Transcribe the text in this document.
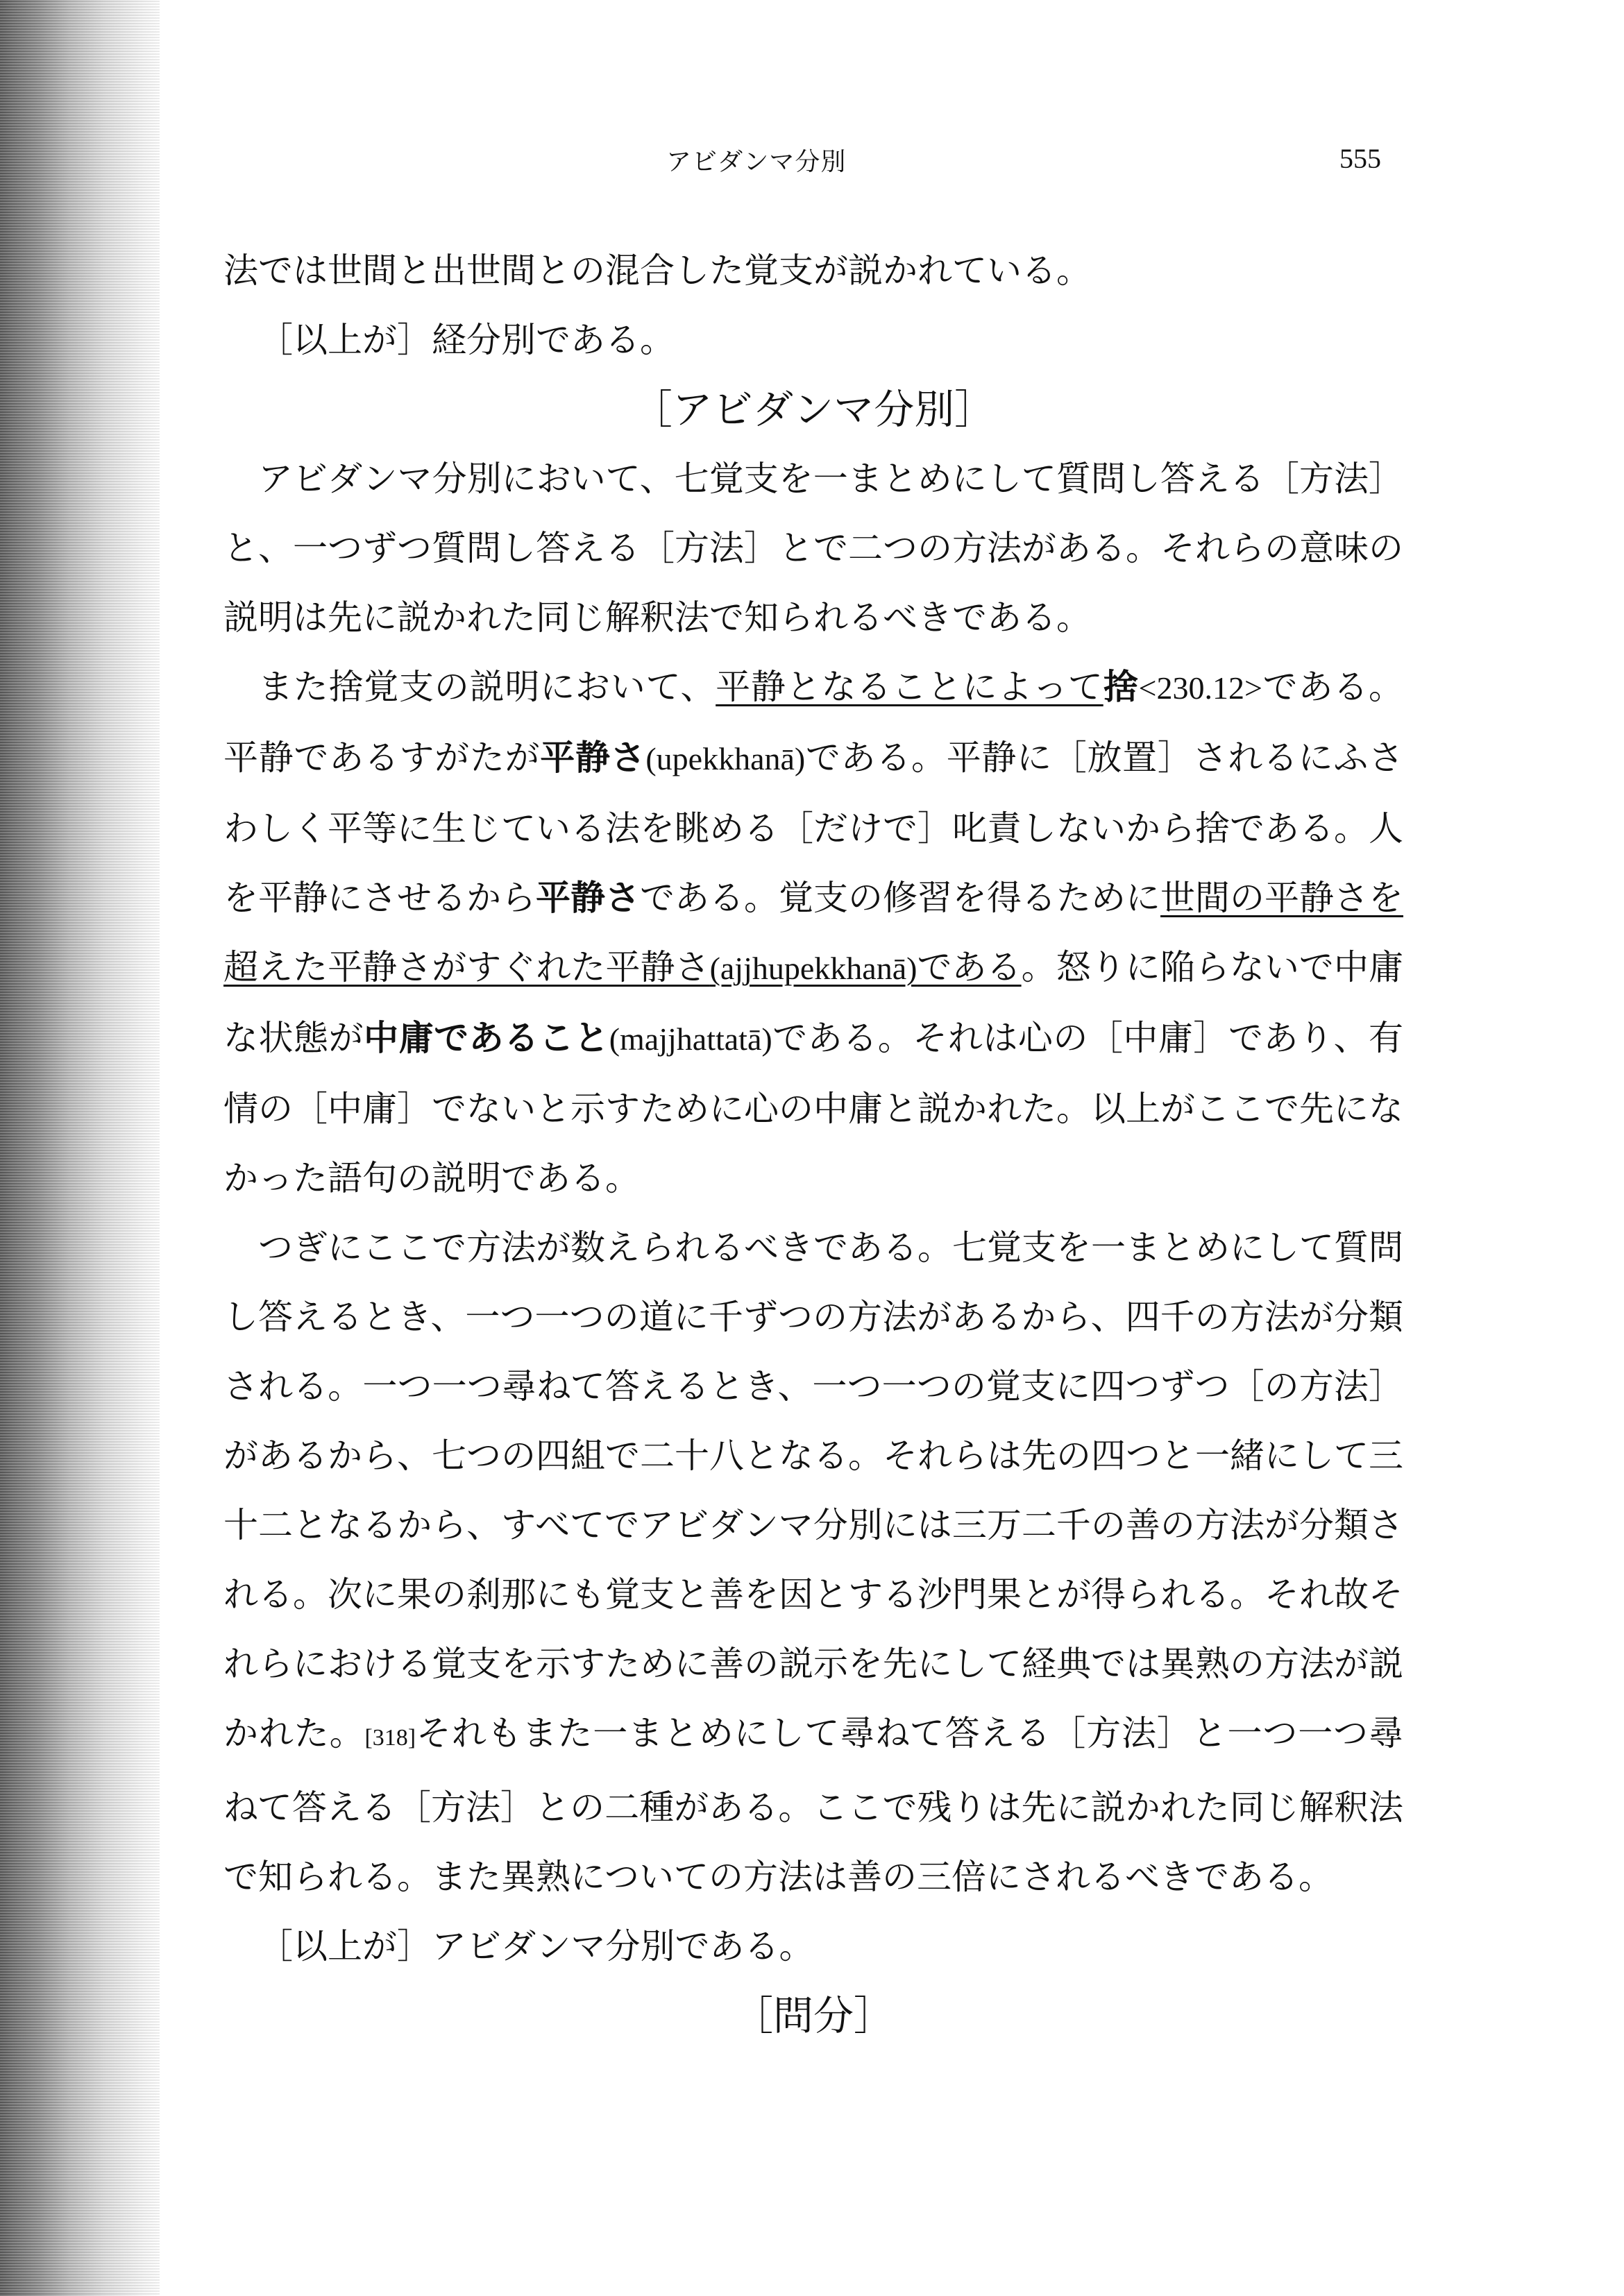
アビダンマ分別	555

法では世間と出世間との混合した覚支が説かれている。

［以上が］経分別である。

［アビダンマ分別］

アビダンマ分別において、七覚支を一まとめにして質問し答える［方法］と、一つずつ質問し答える［方法］とで二つの方法がある。それらの意味の説明は先に説かれた同じ解釈法で知られるべきである。

また捨覚支の説明において、平静となることによって捨<230.12>である。平静であるすがたが平静さ(upekkhanā)である。平静に［放置］されるにふさわしく平等に生じている法を眺める［だけで］叱責しないから捨である。人を平静にさせるから平静さである。覚支の修習を得るために世間の平静さを超えた平静さがすぐれた平静さ(ajjhupekkhanā)である。怒りに陥らないで中庸な状態が中庸であること(majjhattatā)である。それは心の［中庸］であり、有情の［中庸］でないと示すために心の中庸と説かれた。以上がここで先になかった語句の説明である。

つぎにここで方法が数えられるべきである。七覚支を一まとめにして質問し答えるとき、一つ一つの道に千ずつの方法があるから、四千の方法が分類される。一つ一つ尋ねて答えるとき、一つ一つの覚支に四つずつ［の方法］があるから、七つの四組で二十八となる。それらは先の四つと一緒にして三十二となるから、すべてでアビダンマ分別には三万二千の善の方法が分類される。次に果の刹那にも覚支と善を因とする沙門果とが得られる。それ故それらにおける覚支を示すために善の説示を先にして経典では異熟の方法が説かれた。[318]それもまた一まとめにして尋ねて答える［方法］と一つ一つ尋ねて答える［方法］との二種がある。ここで残りは先に説かれた同じ解釈法で知られる。また異熟についての方法は善の三倍にされるべきである。

［以上が］アビダンマ分別である。

［問分］
